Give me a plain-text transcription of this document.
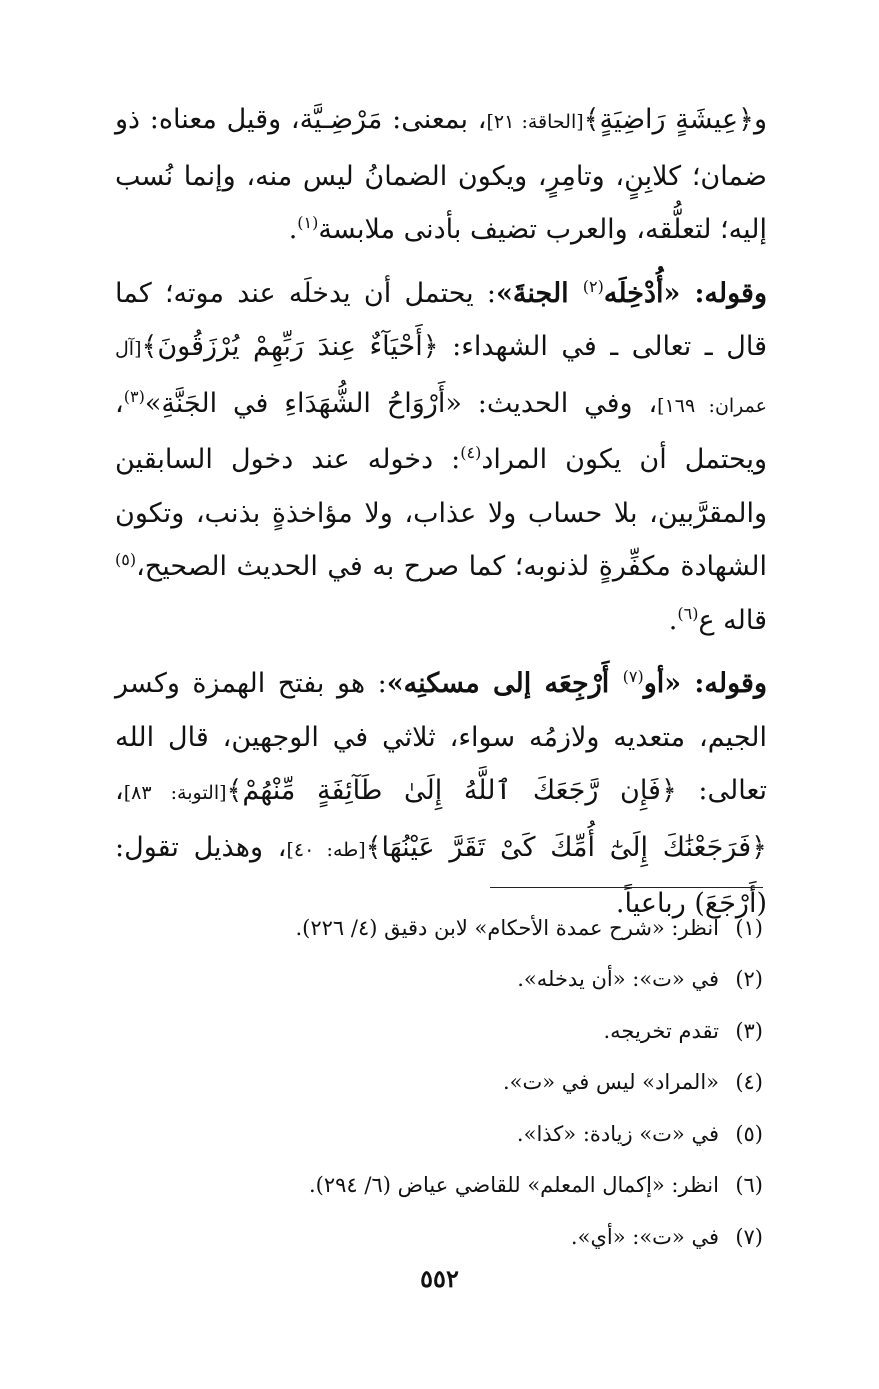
و﴿عِيشَةٍ رَاضِيَةٍ﴾[الحاقة: ٢١]، بمعنى: مَرْضِـيَّة، وقيل معناه: ذو ضمان؛ كلابِنٍ، وتامِرٍ، ويكون الضمانُ ليس منه، وإنما نُسب إليه؛ لتعلُّقه، والعرب تضيف بأدنى ملابسة$^{(١)}$.

وقوله: «أُدْخِلَه$^{(٢)}$ الجنةَ»: يحتمل أن يدخلَه عند موته؛ كما قال ـ تعالى ـ في الشهداء: ﴿أَحْيَآءٌ عِندَ رَبِّهِمْ يُرْزَقُونَ﴾[آل عمران: ١٦٩]، وفي الحديث: «أَرْوَاحُ الشُّهَدَاءِ في الجَنَّةِ»$^{(٣)}$، ويحتمل أن يكون المراد$^{(٤)}$: دخوله عند دخول السابقين والمقرَّبين، بلا حساب ولا عذاب، ولا مؤاخذةٍ بذنب، وتكون الشهادة مكفِّرةٍ لذنوبه؛ كما صرح به في الحديث الصحيح،$^{(٥)}$ قاله ع$^{(٦)}$.

وقوله: «أو$^{(٧)}$ أَرْجِعَه إلى مسكنِه»: هو بفتح الهمزة وكسر الجيم، متعديه ولازمُه سواء، ثلاثي في الوجهين، قال الله تعالى: ﴿فَإِن رَّجَعَكَ ٱللَّهُ إِلَىٰ طَآئِفَةٍ مِّنْهُمْ﴾[التوبة: ٨٣]، ﴿فَرَجَعْنَٰكَ إِلَىٰٓ أُمِّكَ كَىْ تَقَرَّ عَيْنُهَا﴾[طه: ٤٠]، وهذيل تقول: (أَرْجَعَ) رباعياً.

(١)
انظر: «شرح عمدة الأحكام» لابن دقيق (٤/ ٢٢٦).
(٢)
في «ت»: «أن يدخله».
(٣)
تقدم تخريجه.
(٤)
«المراد» ليس في «ت».
(٥)
في «ت» زيادة: «كذا».
(٦)
انظر: «إكمال المعلم» للقاضي عياض (٦/ ٢٩٤).
(٧)
في «ت»: «أي».
٥٥٢
